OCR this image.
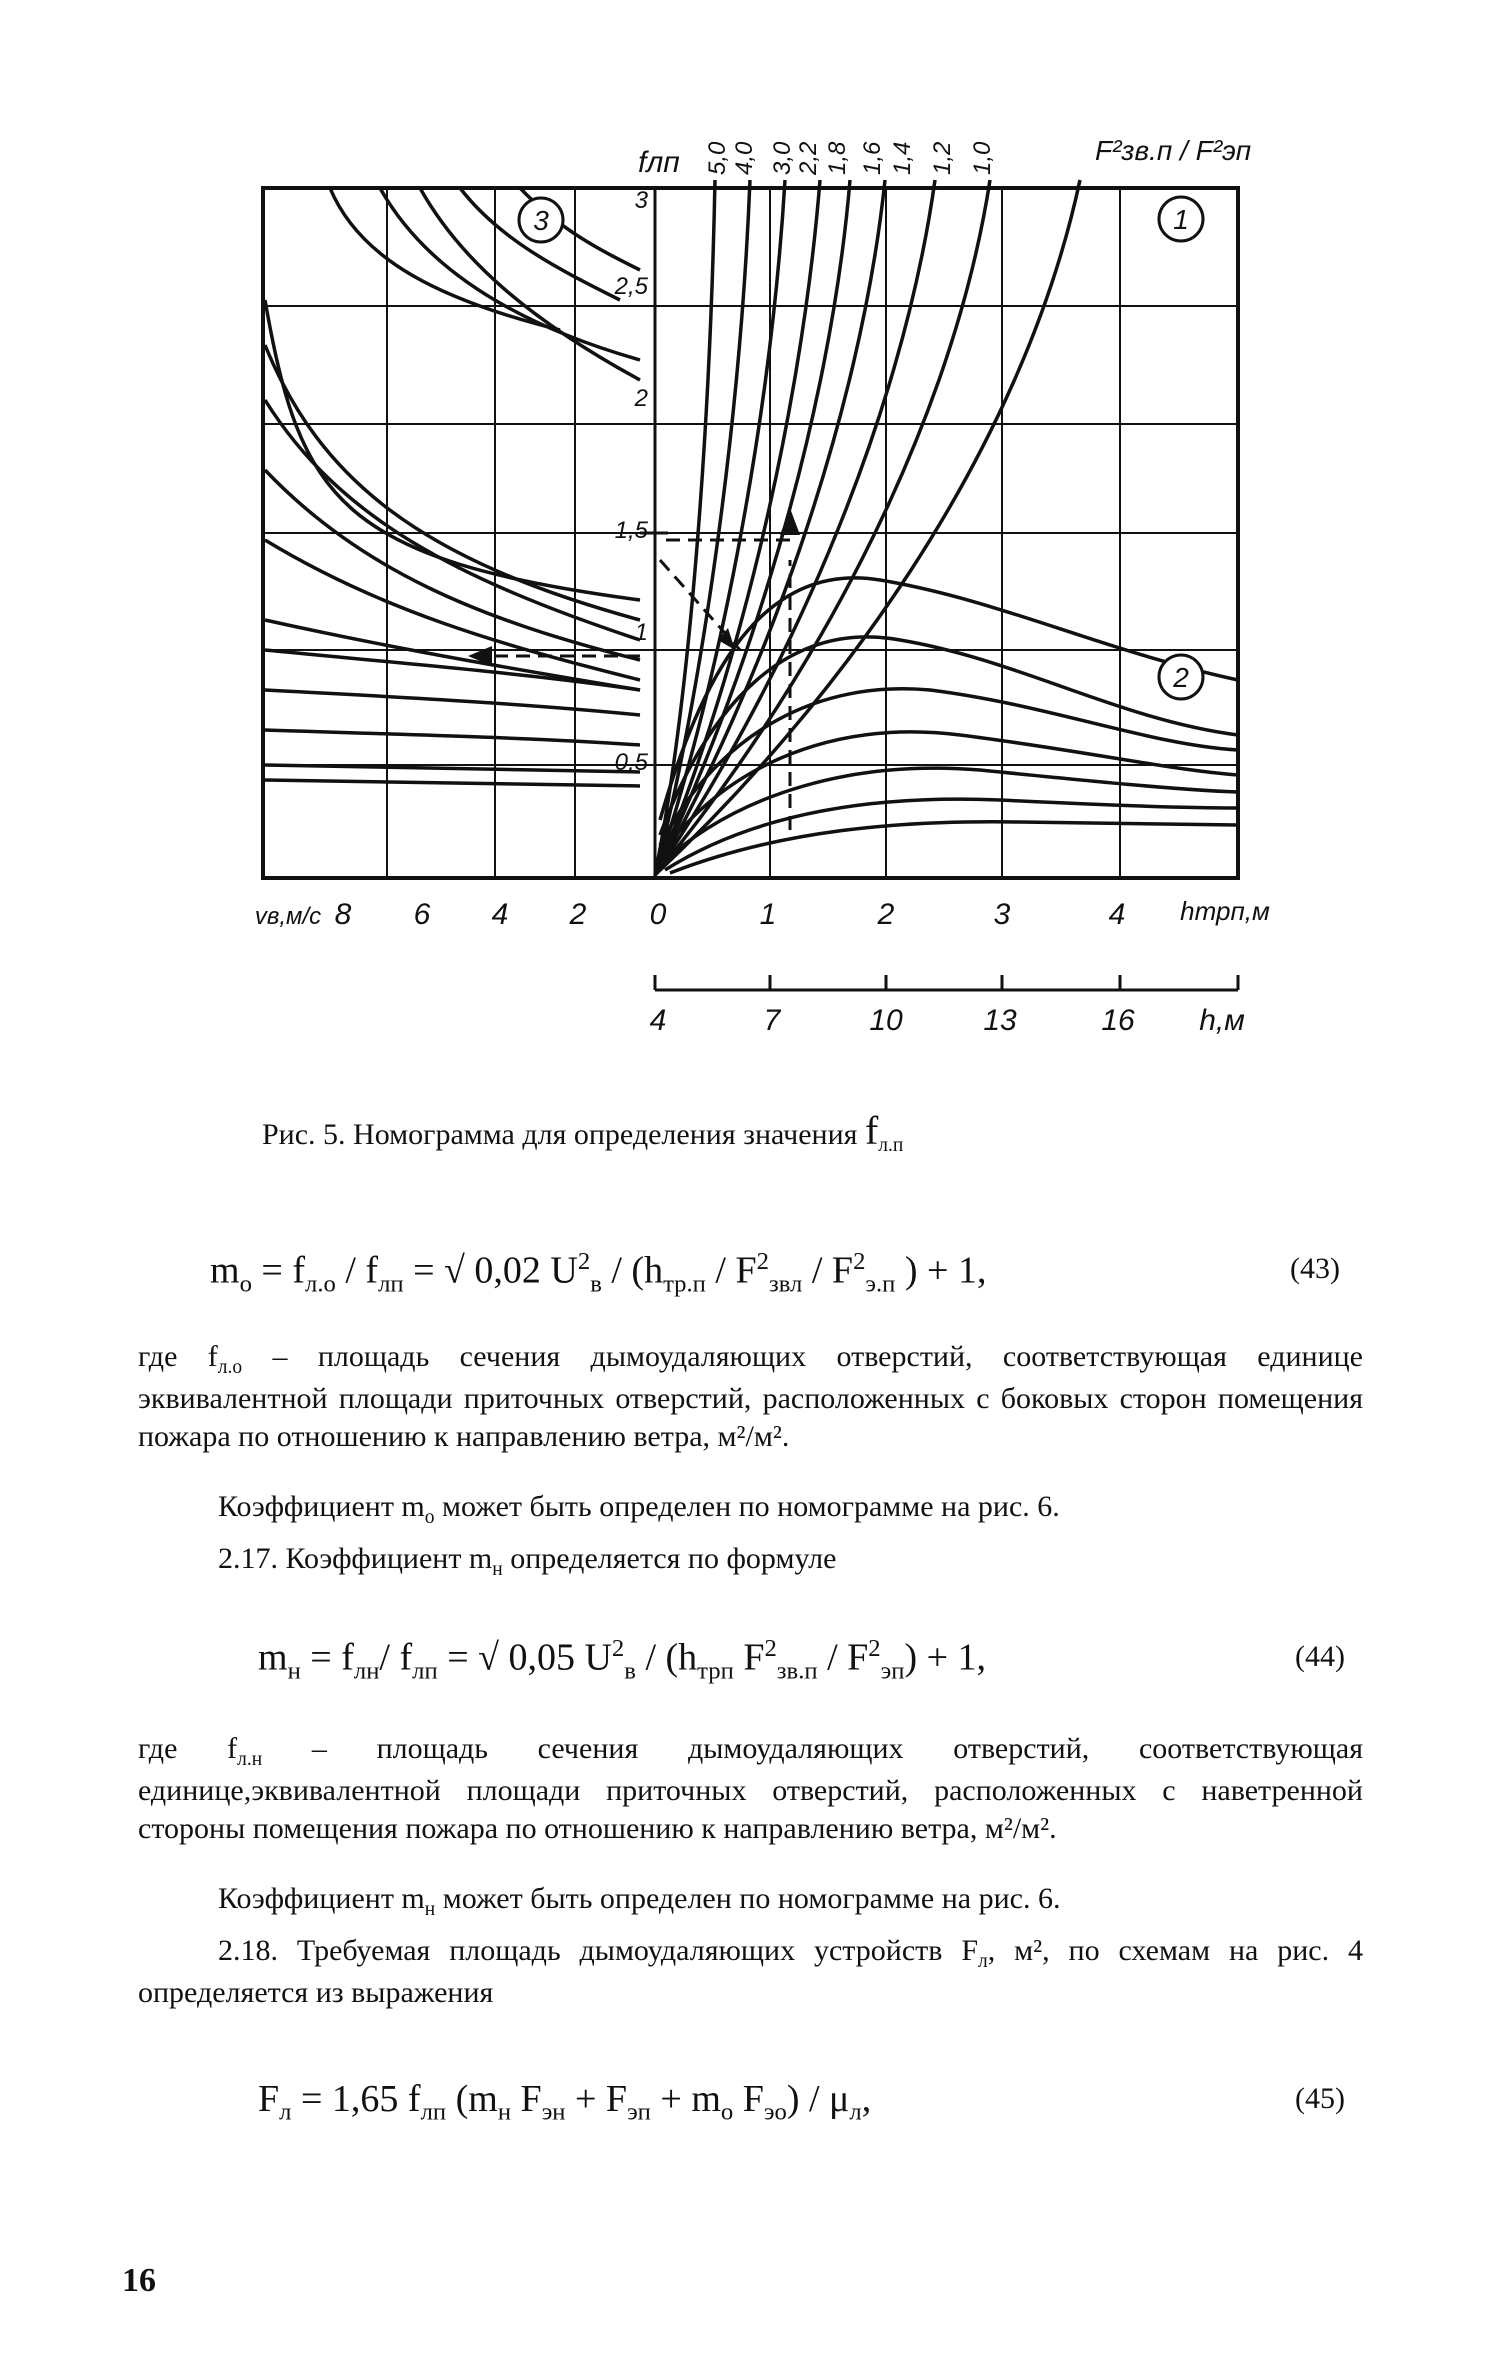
3	1
2
3
2,5
2
1,5
1
0,5
fлп	F²зв.п / F²эп
5,0 4,0 3,0 2,2 1,8 1,6 1,4 1,2 1,0
vв,м/с 8 6 4 2 0	1	2	3	4 hтрп,м
4	7	10	13	16 h,м
Рис. 5. Номограмма для определения значения $f_{л.п}$
$m_o = f_{л.о} / f_{лп}$ = √ 0,02 $U^2_в / (h_{тр.п} / F^2_{звл} / F^2_{э.п}$ ) + 1,	(43)
где $f_{л.о}$ – площадь сечения дымоудаляющих отверстий, соответствующая единице эквивалентной площади приточных отверстий, расположенных с боковых сторон помещения пожара по отношению к направлению ветра, м²/м².
Коэффициент $m_о$ может быть определен по номограмме на рис. 6.
2.17. Коэффициент $m_н$ определяется по формуле
$m_н = f_{лн}/$ $f_{лп}$ = √ 0,05 $U^2_в / (h_{трп}$ $F^2_{зв.п} / F^2_{эп}) + 1$,	(44)
где $f_{л.н}$ – площадь сечения дымоудаляющих отверстий, соответствующая единице,эквивалентной площади приточных отверстий, расположенных с наветренной стороны помещения пожара по отношению к направлению ветра, м²/м².
Коэффициент $m_н$ может быть определен по номограмме на рис. 6.
2.18. Требуемая площадь дымоудаляющих устройств $F_л$, м², по схемам на рис. 4 определяется из выражения
$F_л = 1,65$ $f_{лп}$ ($m_н$ $F_{эн} + F_{эп} + m_о$ $F_{эо}) / \mu_л$,	(45)
16
